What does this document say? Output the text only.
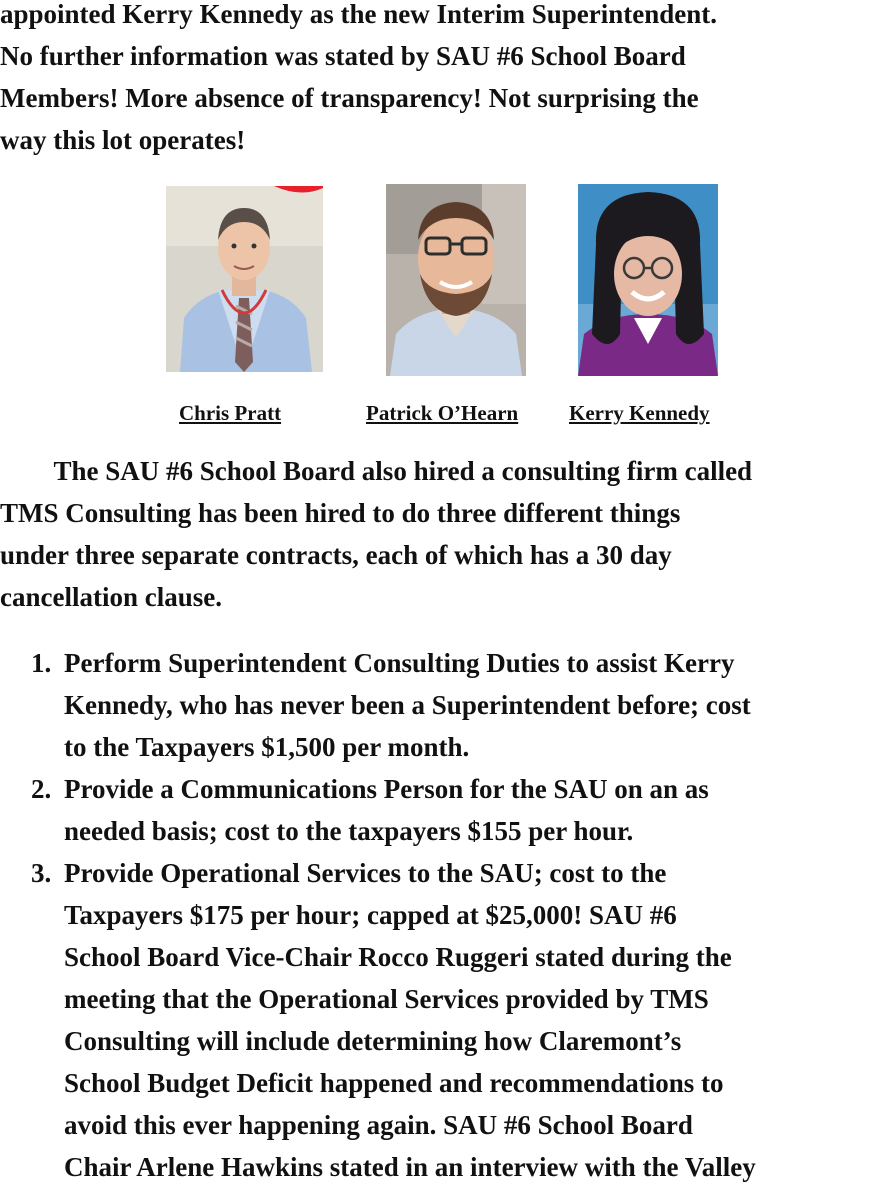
appointed Kerry Kennedy as the new Interim Superintendent.
No further information was stated by SAU #6 School Board
Members! More absence of transparency! Not surprising the
way this lot operates!

Chris Pratt	Patrick O’Hearn Kerry Kennedy

The SAU #6 School Board also hired a consulting firm called
TMS Consulting has been hired to do three different things
under three separate contracts, each of which has a 30 day
cancellation clause.

1. Perform Superintendent Consulting Duties to assist Kerry
Kennedy, who has never been a Superintendent before; cost
to the Taxpayers $1,500 per month.
2. Provide a Communications Person for the SAU on an as
needed basis; cost to the taxpayers $155 per hour.
3. Provide Operational Services to the SAU; cost to the
Taxpayers $175 per hour; capped at $25,000! SAU #6
School Board Vice-Chair Rocco Ruggeri stated during the
meeting that the Operational Services provided by TMS
Consulting will include determining how Claremont’s
School Budget Deficit happened and recommendations to
avoid this ever happening again. SAU #6 School Board
Chair Arlene Hawkins stated in an interview with the Valley
